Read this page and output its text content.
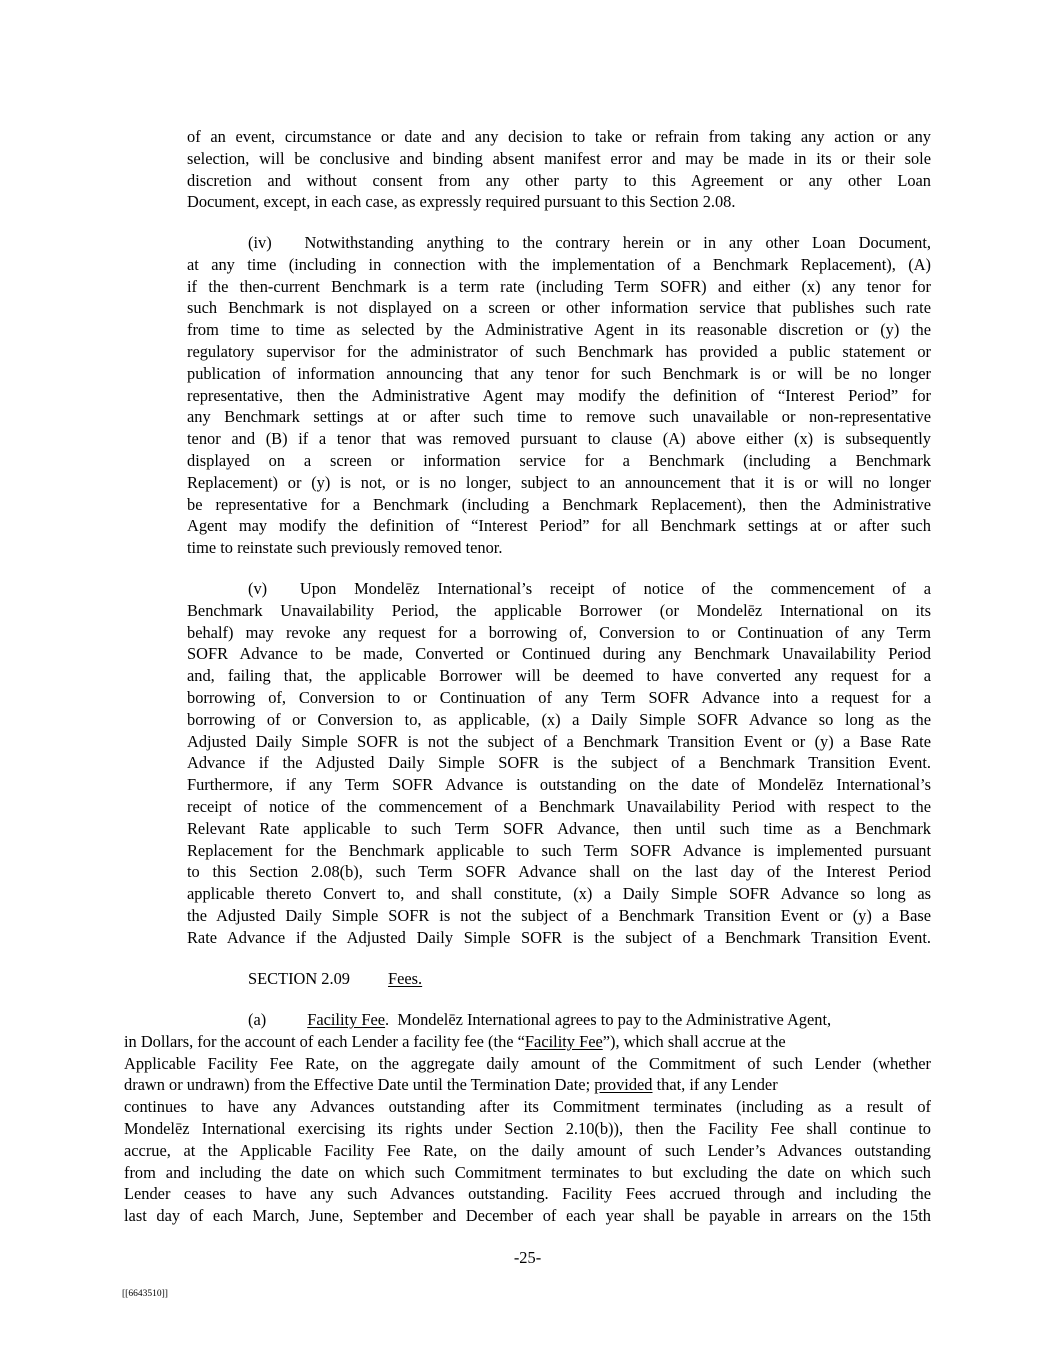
of an event, circumstance or date and any decision to take or refrain from taking any action or any
selection, will be conclusive and binding absent manifest error and may be made in its or their sole
discretion and without consent from any other party to this Agreement or any other Loan
Document, except, in each case, as expressly required pursuant to this Section 2.08.
(iv)  Notwithstanding anything to the contrary herein or in any other Loan Document,
at any time (including in connection with the implementation of a Benchmark Replacement), (A)
if the then-current Benchmark is a term rate (including Term SOFR) and either (x) any tenor for
such Benchmark is not displayed on a screen or other information service that publishes such rate
from time to time as selected by the Administrative Agent in its reasonable discretion or (y) the
regulatory supervisor for the administrator of such Benchmark has provided a public statement or
publication of information announcing that any tenor for such Benchmark is or will be no longer
representative, then the Administrative Agent may modify the definition of “Interest Period” for
any Benchmark settings at or after such time to remove such unavailable or non-representative
tenor and (B) if a tenor that was removed pursuant to clause (A) above either (x) is subsequently
displayed on a screen or information service for a Benchmark (including a Benchmark
Replacement) or (y) is not, or is no longer, subject to an announcement that it is or will no longer
be representative for a Benchmark (including a Benchmark Replacement), then the Administrative
Agent may modify the definition of “Interest Period” for all Benchmark settings at or after such
time to reinstate such previously removed tenor.
(v)  Upon Mondelēz International’s receipt of notice of the commencement of a
Benchmark Unavailability Period, the applicable Borrower (or Mondelēz International on its
behalf) may revoke any request for a borrowing of, Conversion to or Continuation of any Term
SOFR Advance to be made, Converted or Continued during any Benchmark Unavailability Period
and, failing that, the applicable Borrower will be deemed to have converted any request for a
borrowing of, Conversion to or Continuation of any Term SOFR Advance into a request for a
borrowing of or Conversion to, as applicable, (x) a Daily Simple SOFR Advance so long as the
Adjusted Daily Simple SOFR is not the subject of a Benchmark Transition Event or (y) a Base Rate
Advance if the Adjusted Daily Simple SOFR is the subject of a Benchmark Transition Event.
Furthermore, if any Term SOFR Advance is outstanding on the date of Mondelēz International’s
receipt of notice of the commencement of a Benchmark Unavailability Period with respect to the
Relevant Rate applicable to such Term SOFR Advance, then until such time as a Benchmark
Replacement for the Benchmark applicable to such Term SOFR Advance is implemented pursuant
to this Section 2.08(b), such Term SOFR Advance shall on the last day of the Interest Period
applicable thereto Convert to, and shall constitute, (x) a Daily Simple SOFR Advance so long as
the Adjusted Daily Simple SOFR is not the subject of a Benchmark Transition Event or (y) a Base
Rate Advance if the Adjusted Daily Simple SOFR is the subject of a Benchmark Transition Event.
SECTION 2.09 Fees.
(a)	Facility Fee.  Mondelēz International agrees to pay to the Administrative Agent,
in Dollars, for the account of each Lender a facility fee (the “Facility Fee”), which shall accrue at the
Applicable Facility Fee Rate, on the aggregate daily amount of the Commitment of such Lender (whether
drawn or undrawn) from the Effective Date until the Termination Date; provided that, if any Lender
continues to have any Advances outstanding after its Commitment terminates (including as a result of
Mondelēz International exercising its rights under Section 2.10(b)), then the Facility Fee shall continue to
accrue, at the Applicable Facility Fee Rate, on the daily amount of such Lender’s Advances outstanding
from and including the date on which such Commitment terminates to but excluding the date on which such
Lender ceases to have any such Advances outstanding. Facility Fees accrued through and including the
last day of each March, June, September and December of each year shall be payable in arrears on the 15th
-25-
[[6643510]]
